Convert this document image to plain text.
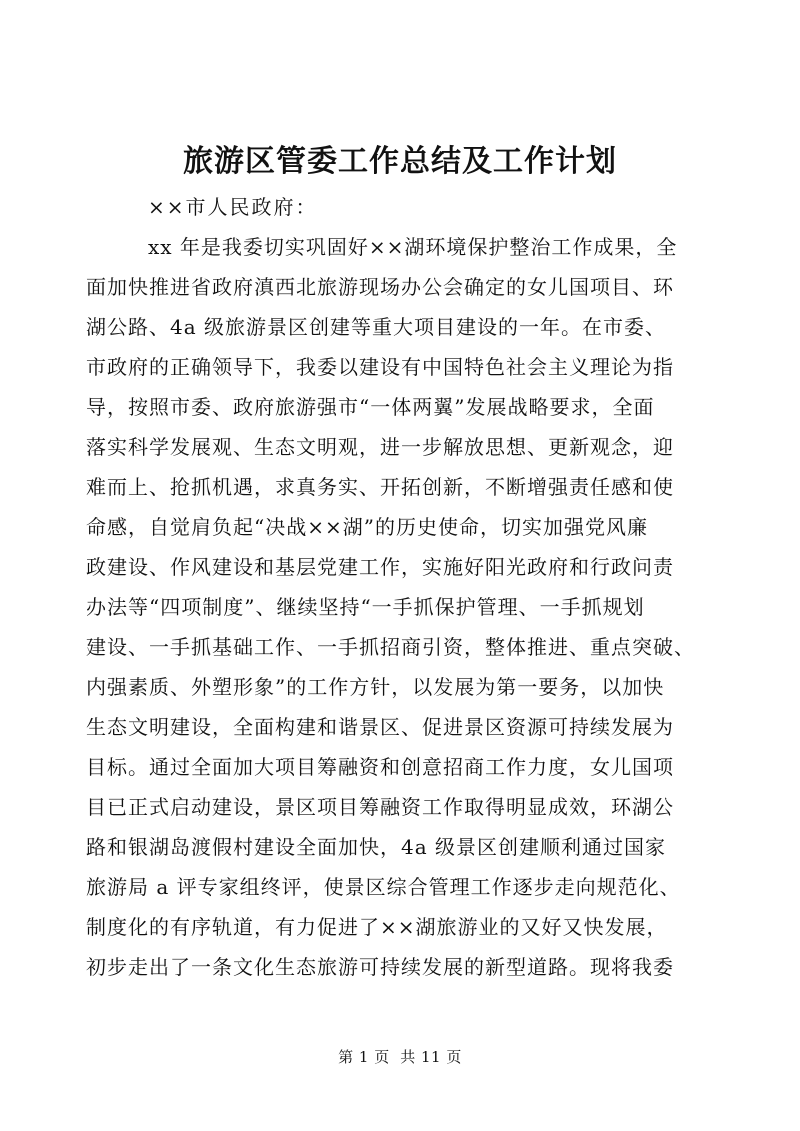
旅游区管委工作总结及工作计划

××市人民政府：

xx 年是我委切实巩固好××湖环境保护整治工作成果，全
面加快推进省政府滇西北旅游现场办公会确定的女儿国项目、环
湖公路、4a 级旅游景区创建等重大项目建设的一年。在市委、
市政府的正确领导下，我委以建设有中国特色社会主义理论为指
导，按照市委、政府旅游强市“一体两翼”发展战略要求，全面
落实科学发展观、生态文明观，进一步解放思想、更新观念，迎
难而上、抢抓机遇，求真务实、开拓创新，不断增强责任感和使
命感，自觉肩负起“决战××湖”的历史使命，切实加强党风廉
政建设、作风建设和基层党建工作，实施好阳光政府和行政问责
办法等“四项制度”、继续坚持“一手抓保护管理、一手抓规划
建设、一手抓基础工作、一手抓招商引资，整体推进、重点突破、
内强素质、外塑形象”的工作方针，以发展为第一要务，以加快
生态文明建设，全面构建和谐景区、促进景区资源可持续发展为
目标。通过全面加大项目筹融资和创意招商工作力度，女儿国项
目已正式启动建设，景区项目筹融资工作取得明显成效，环湖公
路和银湖岛渡假村建设全面加快，4a 级景区创建顺利通过国家
旅游局 a 评专家组终评，使景区综合管理工作逐步走向规范化、
制度化的有序轨道，有力促进了××湖旅游业的又好又快发展，
初步走出了一条文化生态旅游可持续发展的新型道路。现将我委
第 1 页  共 11 页
